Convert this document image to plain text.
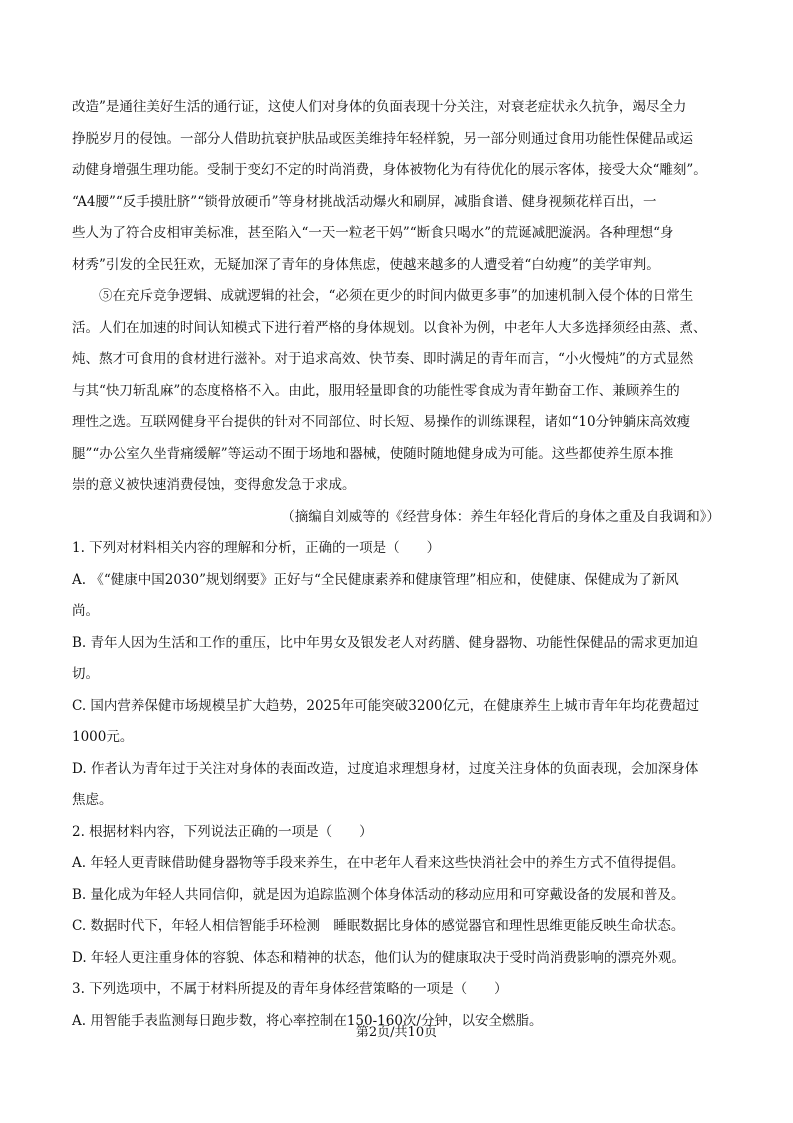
改造”是通往美好生活的通行证，这使人们对身体的负面表现十分关注，对衰老症状永久抗争，竭尽全力

挣脱岁月的侵蚀。一部分人借助抗衰护肤品或医美维持年轻样貌，另一部分则通过食用功能性保健品或运

动健身增强生理功能。受制于变幻不定的时尚消费，身体被物化为有待优化的展示客体，接受大众“雕刻”。

“A4腰”“反手摸肚脐”“锁骨放硬币”等身材挑战活动爆火和刷屏，减脂食谱、健身视频花样百出，一

些人为了符合皮相审美标准，甚至陷入“一天一粒老干妈”“断食只喝水”的荒诞减肥漩涡。各种理想“身

材秀”引发的全民狂欢，无疑加深了青年的身体焦虑，使越来越多的人遭受着“白幼瘦”的美学审判。

⑤在充斥竞争逻辑、成就逻辑的社会，“必须在更少的时间内做更多事”的加速机制入侵个体的日常生

活。人们在加速的时间认知模式下进行着严格的身体规划。以食补为例，中老年人大多选择须经由蒸、煮、

炖、熬才可食用的食材进行滋补。对于追求高效、快节奏、即时满足的青年而言，“小火慢炖”的方式显然

与其“快刀斩乱麻”的态度格格不入。由此，服用轻量即食的功能性零食成为青年勤奋工作、兼顾养生的

理性之选。互联网健身平台提供的针对不同部位、时长短、易操作的训练课程，诸如“10分钟躺床高效瘦

腿”“办公室久坐背痛缓解”等运动不囿于场地和器械，使随时随地健身成为可能。这些都使养生原本推

崇的意义被快速消费侵蚀，变得愈发急于求成。

（摘编自刘威等的《经营身体：养生年轻化背后的身体之重及自我调和》）

1. 下列对材料相关内容的理解和分析，正确的一项是（　　）

A. 《“健康中国2030”规划纲要》正好与“全民健康素养和健康管理”相应和，使健康、保健成为了新风

尚。

B. 青年人因为生活和工作的重压，比中年男女及银发老人对药膳、健身器物、功能性保健品的需求更加迫

切。

C. 国内营养保健市场规模呈扩大趋势，2025年可能突破3200亿元，在健康养生上城市青年年均花费超过

1000元。

D. 作者认为青年过于关注对身体的表面改造，过度追求理想身材，过度关注身体的负面表现，会加深身体

焦虑。

2. 根据材料内容，下列说法正确的一项是（　　）

A. 年轻人更青睐借助健身器物等手段来养生，在中老年人看来这些快消社会中的养生方式不值得提倡。

B. 量化成为年轻人共同信仰，就是因为追踪监测个体身体活动的移动应用和可穿戴设备的发展和普及。

C. 数据时代下，年轻人相信智能手环检测　睡眠数据比身体的感觉器官和理性思维更能反映生命状态。

D. 年轻人更注重身体的容貌、体态和精神的状态，他们认为的健康取决于受时尚消费影响的漂亮外观。

3. 下列选项中，不属于材料所提及的青年身体经营策略的一项是（　　）

A. 用智能手表监测每日跑步数，将心率控制在150-160次/分钟，以安全燃脂。

第2页/共10页
